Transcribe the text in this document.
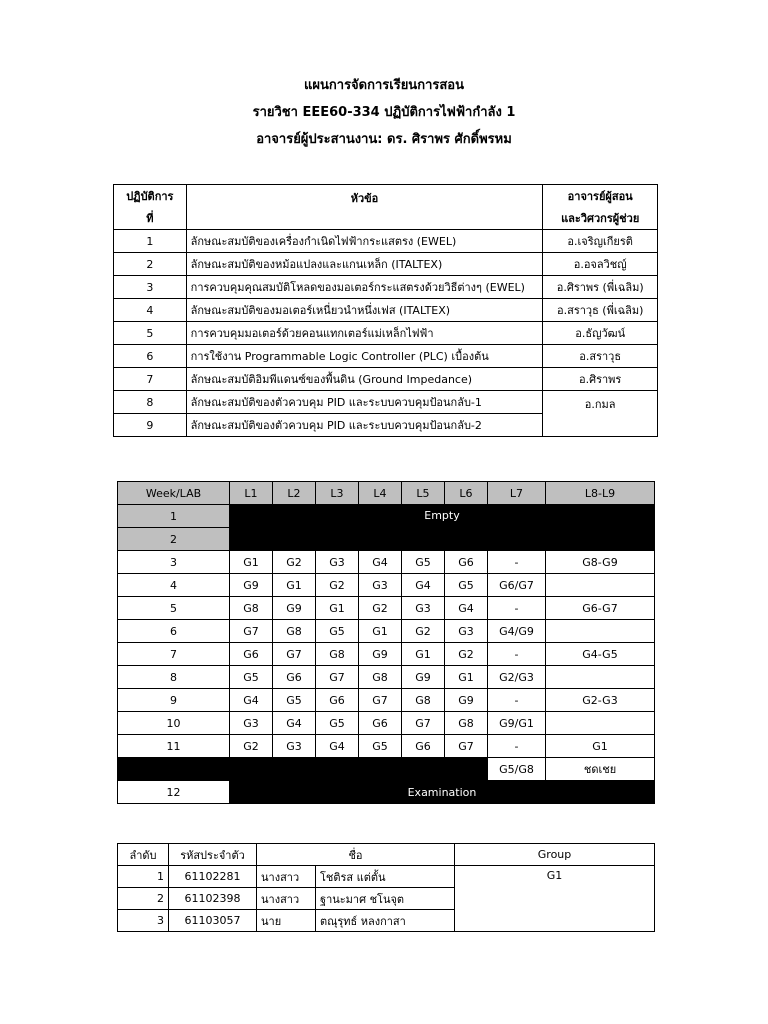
แผนการจัดการเรียนการสอน
รายวิชา EEE60-334 ปฏิบัติการไฟฟ้ากำลัง 1
อาจารย์ผู้ประสานงาน: ดร. ศิราพร ศักดิ์พรหม
ปฏิบัติการ	หัวข้อ	อาจารย์ผู้สอน
ที่		และวิศวกรผู้ช่วย
1	ลักษณะสมบัติของเครื่องกำเนิดไฟฟ้ากระแสตรง (EWEL)	อ.เจริญเกียรติ
2	ลักษณะสมบัติของหม้อแปลงและแกนเหล็ก (ITALTEX)	อ.อจลวิชญ์
3	การควบคุมคุณสมบัติโหลดของมอเตอร์กระแสตรงด้วยวิธีต่างๆ (EWEL)	อ.ศิราพร (พี่เฉลิม)
4	ลักษณะสมบัติของมอเตอร์เหนี่ยวนำหนึ่งเฟส (ITALTEX)	อ.สราวุธ (พี่เฉลิม)
5	การควบคุมมอเตอร์ด้วยคอนแทกเตอร์แม่เหล็กไฟฟ้า	อ.ธัญวัฒน์
6	การใช้งาน Programmable Logic Controller (PLC) เบื้องต้น	อ.สราวุธ
7	ลักษณะสมบัติอิมพีแดนซ์ของพื้นดิน (Ground Impedance)	อ.ศิราพร
8	ลักษณะสมบัติของตัวควบคุม PID และระบบควบคุมป้อนกลับ-1	อ.กมล
9	ลักษณะสมบัติของตัวควบคุม PID และระบบควบคุมป้อนกลับ-2	
Week/LAB	L1	L2	L3	L4	L5	L6	L7	L8-L9
1	Empty							
2								
3	G1	G2	G3	G4	G5	G6	-	G8-G9
4	G9	G1	G2	G3	G4	G5	G6/G7	
5	G8	G9	G1	G2	G3	G4	-	G6-G7
6	G7	G8	G5	G1	G2	G3	G4/G9	
7	G6	G7	G8	G9	G1	G2	-	G4-G5
8	G5	G6	G7	G8	G9	G1	G2/G3	
9	G4	G5	G6	G7	G8	G9	-	G2-G3
10	G3	G4	G5	G6	G7	G8	G9/G1	
11	G2	G3	G4	G5	G6	G7	-	G1
							G5/G8	ชดเชย
12	Examination							
ลำดับ	รหัสประจำตัว	ชื่อ		Group
1	61102281	นางสาว	โชติรส แต่ตั้น	G1
2	61102398	นางสาว	ฐานะมาศ ชโนจุต	
3	61103057	นาย	ตณุรุทธ์ หลงกาสา	
